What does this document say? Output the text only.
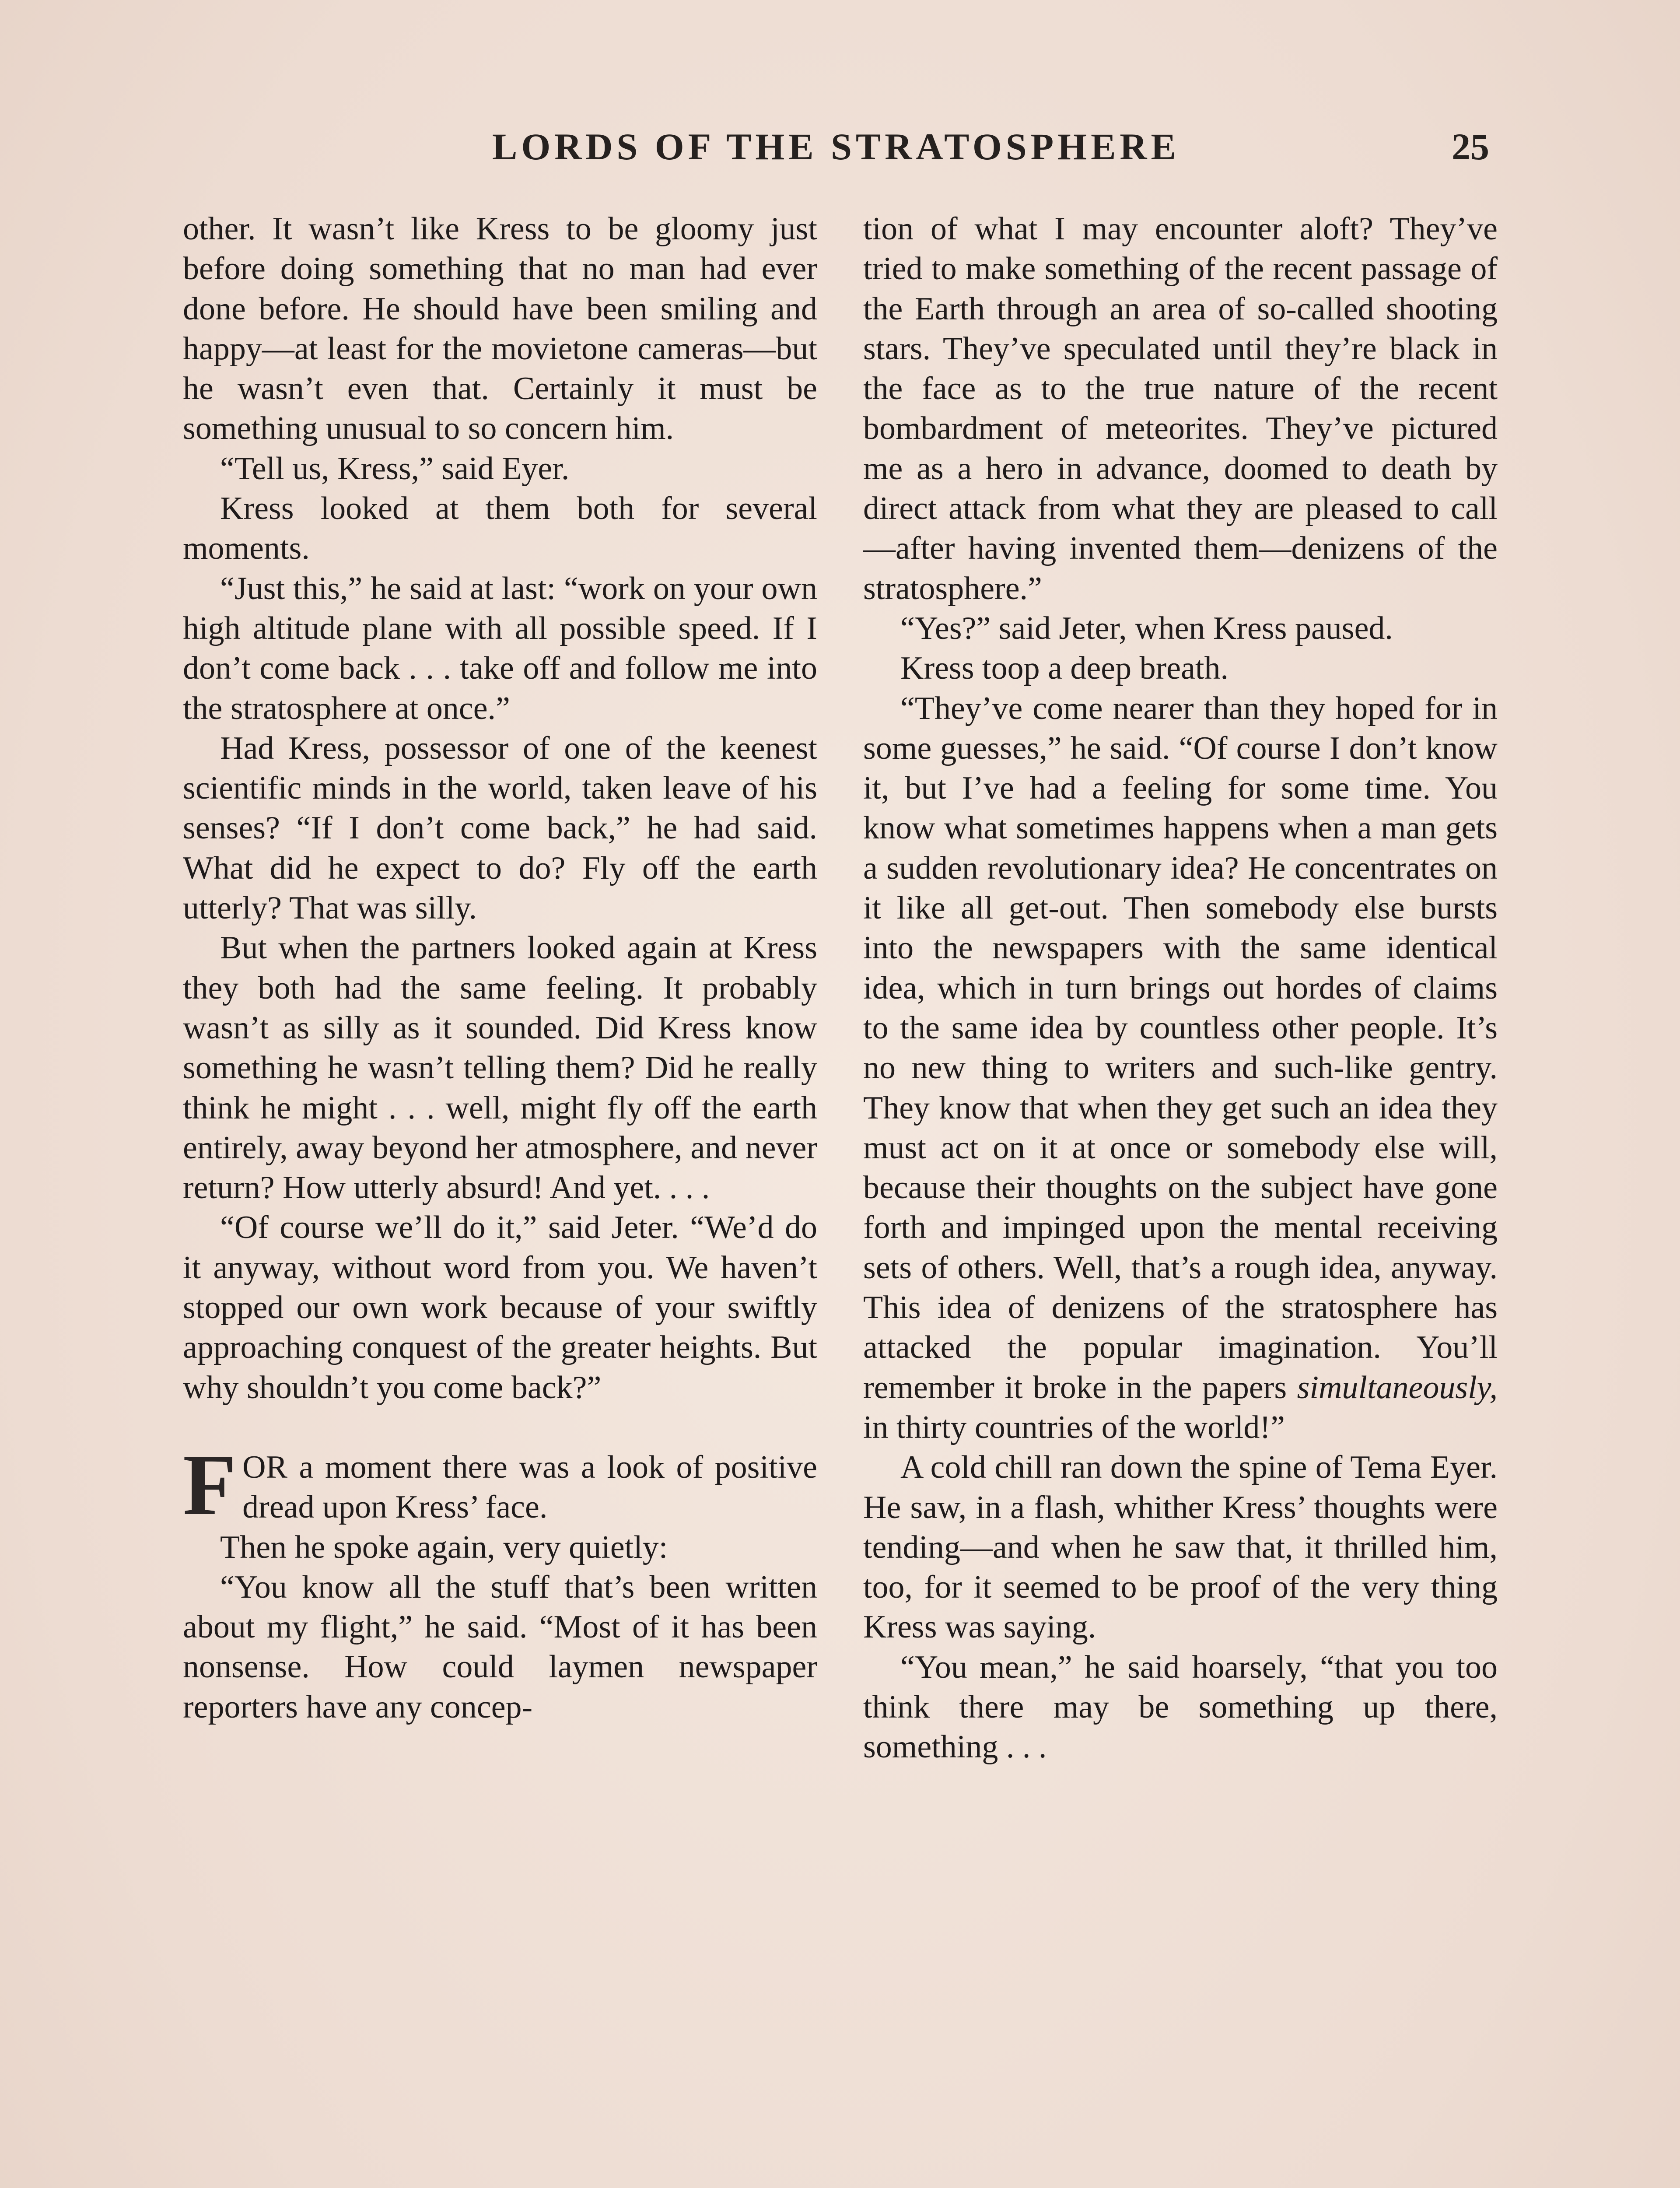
LORDS OF THE STRATOSPHERE	25

other. It wasn’t like Kress to be gloomy just before doing something that no man had ever done before. He should have been smiling and happy—at least for the movietone cameras—but he wasn’t even that. Certainly it must be something unusual to so concern him.

“Tell us, Kress,” said Eyer.

Kress looked at them both for several moments.

“Just this,” he said at last: “work on your own high altitude plane with all possible speed. If I don’t come back . . . take off and follow me into the stratosphere at once.”

Had Kress, possessor of one of the keenest scientific minds in the world, taken leave of his senses? “If I don’t come back,” he had said. What did he expect to do? Fly off the earth utterly? That was silly.

But when the partners looked again at Kress they both had the same feeling. It probably wasn’t as silly as it sounded. Did Kress know something he wasn’t telling them? Did he really think he might . . . well, might fly off the earth entirely, away beyond her atmosphere, and never return? How utterly absurd! And yet. . . .

“Of course we’ll do it,” said Jeter. “We’d do it anyway, without word from you. We haven’t stopped our own work because of your swiftly approaching conquest of the greater heights. But why shouldn’t you come back?”

FOR a moment there was a look of positive dread upon Kress’ face.

Then he spoke again, very quietly:

“You know all the stuff that’s been written about my flight,” he said. “Most of it has been nonsense. How could laymen newspaper reporters have any concep-

tion of what I may encounter aloft? They’ve tried to make something of the recent passage of the Earth through an area of so-called shooting stars. They’ve speculated until they’re black in the face as to the true nature of the recent bombardment of meteorites. They’ve pictured me as a hero in advance, doomed to death by direct attack from what they are pleased to call —after having invented them—denizens of the stratosphere.”

“Yes?” said Jeter, when Kress paused.

Kress toop a deep breath.

“They’ve come nearer than they hoped for in some guesses,” he said. “Of course I don’t know it, but I’ve had a feeling for some time. You know what sometimes happens when a man gets a sudden revolutionary idea? He concentrates on it like all get-out. Then somebody else bursts into the newspapers with the same identical idea, which in turn brings out hordes of claims to the same idea by countless other people. It’s no new thing to writers and such-like gentry. They know that when they get such an idea they must act on it at once or somebody else will, because their thoughts on the subject have gone forth and impinged upon the mental receiving sets of others. Well, that’s a rough idea, anyway. This idea of denizens of the stratosphere has attacked the popular imagination. You’ll remember it broke in the papers simultaneously, in thirty countries of the world!”

A cold chill ran down the spine of Tema Eyer. He saw, in a flash, whither Kress’ thoughts were tending—and when he saw that, it thrilled him, too, for it seemed to be proof of the very thing Kress was saying.

“You mean,” he said hoarsely, “that you too think there may be something up there, something . . .
